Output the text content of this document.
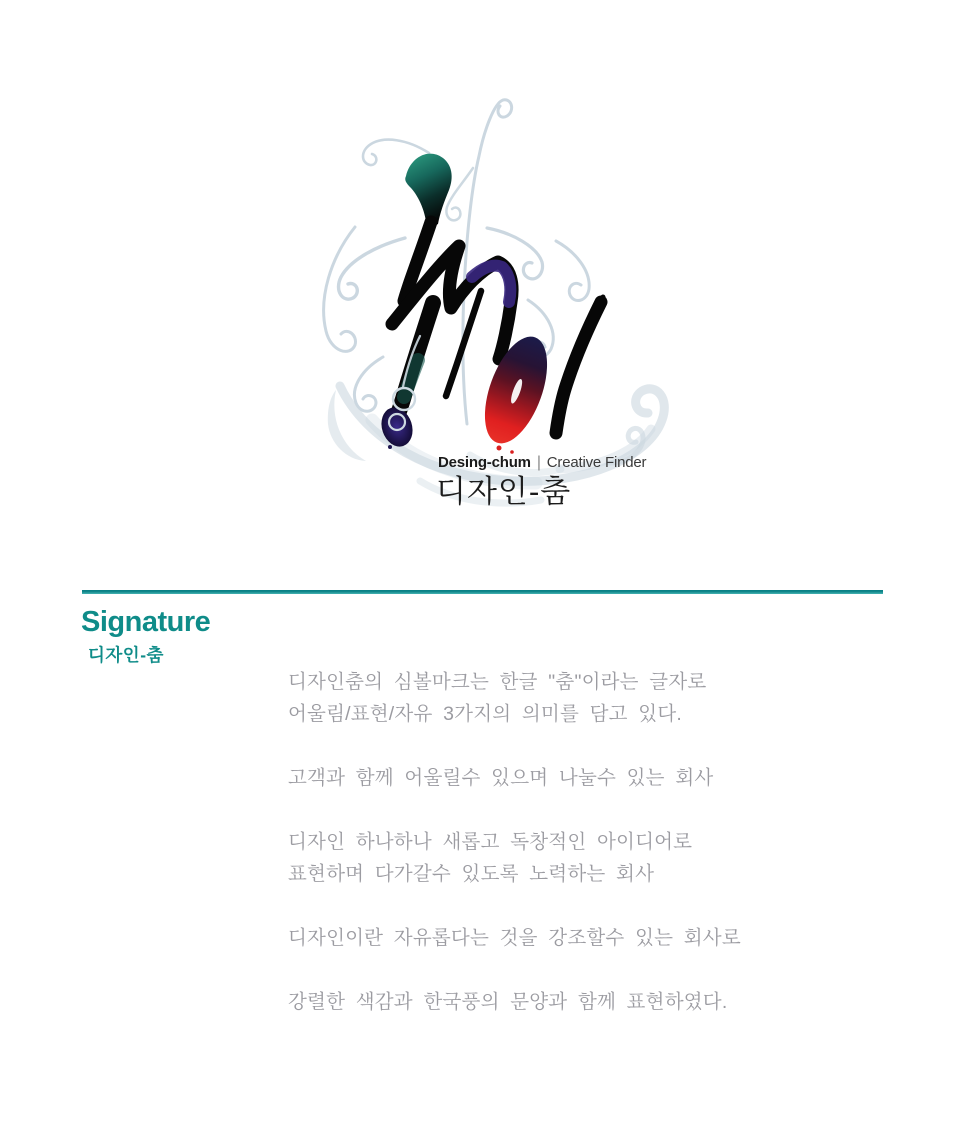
Desing-chum | Creative Finder
디자인-춤
Signature
디자인-춤
디자인춤의 심볼마크는 한글 "춤"이라는 글자로
어울림/표현/자유 3가지의 의미를 담고 있다.
고객과 함께 어울릴수 있으며 나눌수 있는 회사
디자인 하나하나 새롭고 독창적인 아이디어로
표현하며 다가갈수 있도록 노력하는 회사
디자인이란 자유롭다는 것을 강조할수 있는 회사로
강렬한 색감과 한국풍의 문양과 함께 표현하였다.
